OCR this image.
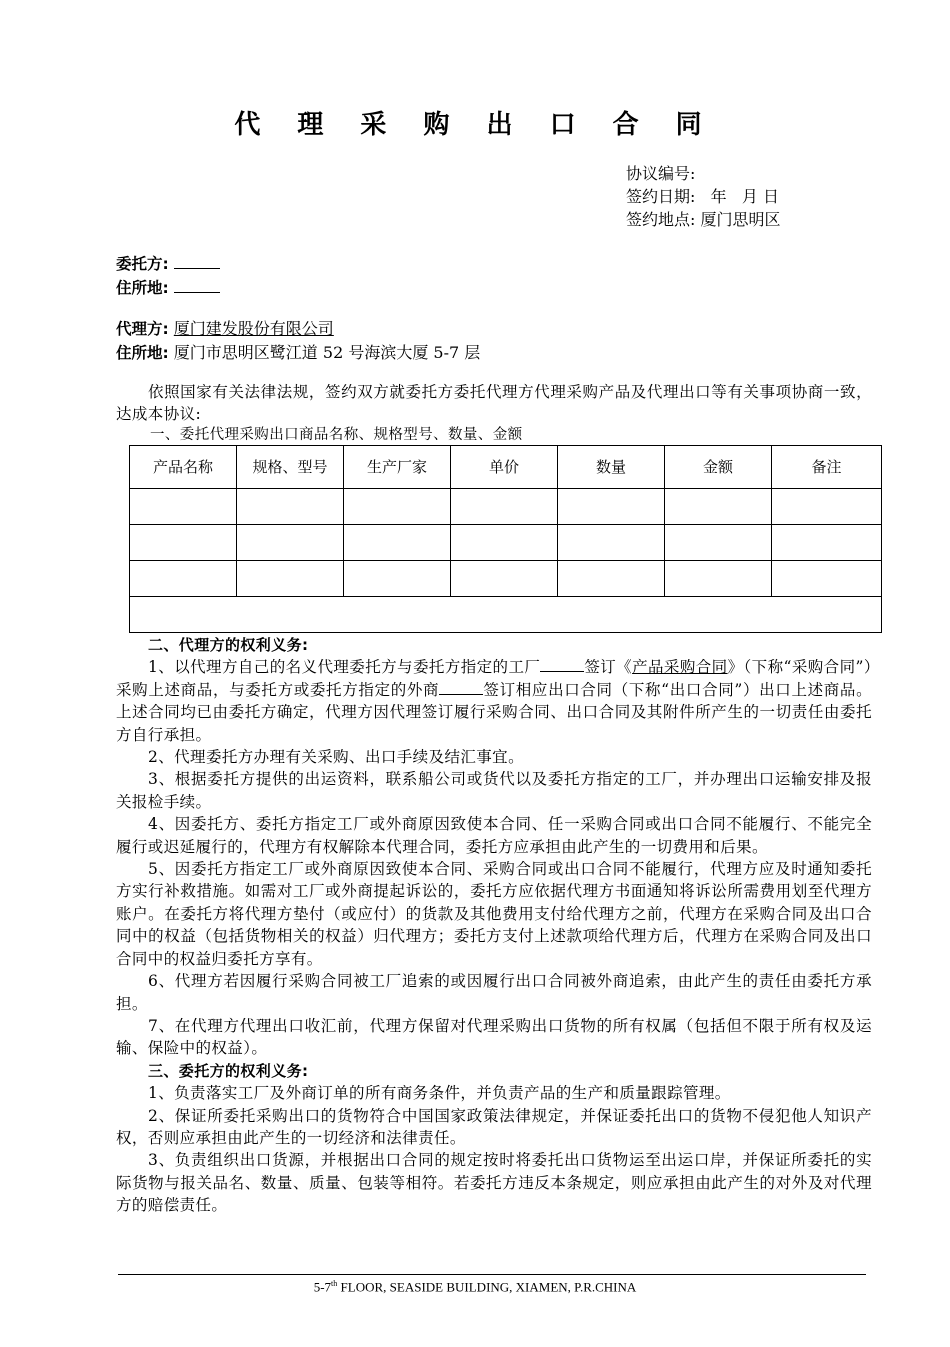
代 理 采 购 出 口 合 同
协议编号:
签约日期:   年   月 日
签约地点: 厦门思明区
委托方:
住所地:
代理方: 厦门建发股份有限公司
住所地: 厦门市思明区鹭江道 52 号海滨大厦 5-7 层

依照国家有关法律法规，签约双方就委托方委托代理方代理采购产品及代理出口等有关事项协商一致，达成本协议:

一、委托代理采购出口商品名称、规格型号、数量、金额

产品名称	规格、型号	生产厂家	单价	数量	金额	备注

二、代理方的权利义务:

1、以代理方自己的名义代理委托方与委托方指定的工厂	签订《产品采购合同》（下称“采购合同”）采购上述商品，与委托方或委托方指定的外商	签订相应出口合同（下称“出口合同”）出口上述商品。上述合同均已由委托方确定，代理方因代理签订履行采购合同、出口合同及其附件所产生的一切责任由委托方自行承担。

2、代理委托方办理有关采购、出口手续及结汇事宜。

3、根据委托方提供的出运资料，联系船公司或货代以及委托方指定的工厂，并办理出口运输安排及报关报检手续。

4、因委托方、委托方指定工厂或外商原因致使本合同、任一采购合同或出口合同不能履行、不能完全履行或迟延履行的，代理方有权解除本代理合同，委托方应承担由此产生的一切费用和后果。

5、因委托方指定工厂或外商原因致使本合同、采购合同或出口合同不能履行，代理方应及时通知委托方实行补救措施。如需对工厂或外商提起诉讼的，委托方应依据代理方书面通知将诉讼所需费用划至代理方账户。在委托方将代理方垫付（或应付）的货款及其他费用支付给代理方之前，代理方在采购合同及出口合同中的权益（包括货物相关的权益）归代理方；委托方支付上述款项给代理方后，代理方在采购合同及出口合同中的权益归委托方享有。

6、代理方若因履行采购合同被工厂追索的或因履行出口合同被外商追索，由此产生的责任由委托方承担。

7、在代理方代理出口收汇前，代理方保留对代理采购出口货物的所有权属（包括但不限于所有权及运输、保险中的权益）。

三、委托方的权利义务:

1、负责落实工厂及外商订单的所有商务条件，并负责产品的生产和质量跟踪管理。

2、保证所委托采购出口的货物符合中国国家政策法律规定，并保证委托出口的货物不侵犯他人知识产权，否则应承担由此产生的一切经济和法律责任。

3、负责组织出口货源，并根据出口合同的规定按时将委托出口货物运至出运口岸，并保证所委托的实际货物与报关品名、数量、质量、包装等相符。若委托方违反本条规定，则应承担由此产生的对外及对代理方的赔偿责任。

5-7th FLOOR, SEASIDE BUILDING, XIAMEN, P.R.CHINA
